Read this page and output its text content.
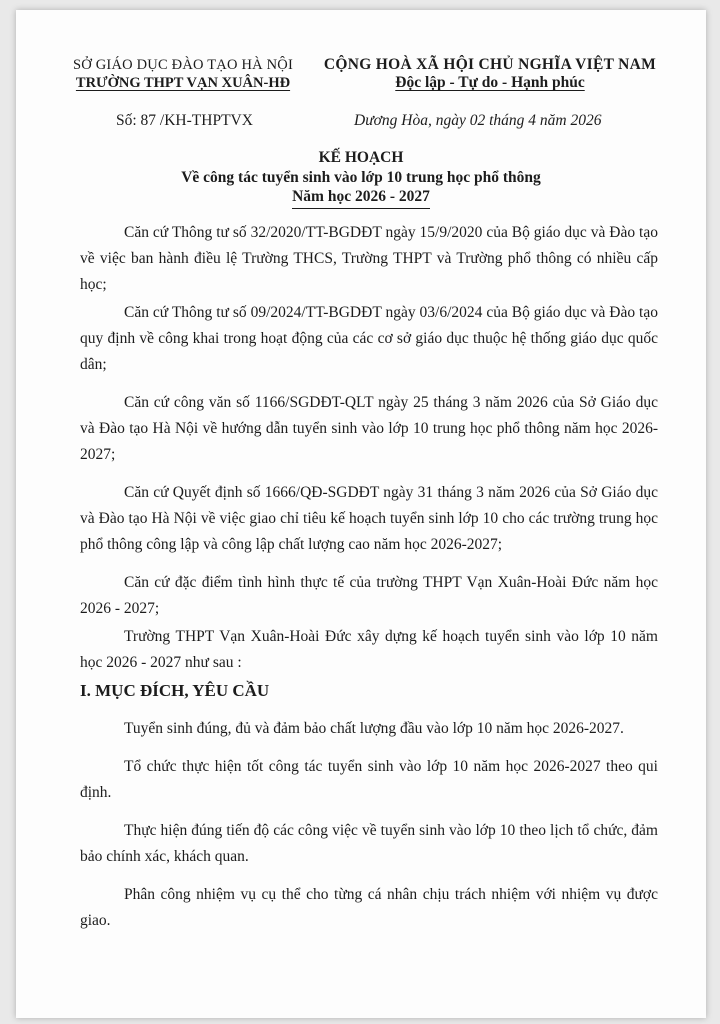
SỞ GIÁO DỤC ĐÀO TẠO HÀ NỘI
TRƯỜNG THPT VẠN XUÂN-HĐ
CỘNG HOÀ XÃ HỘI CHỦ NGHĨA VIỆT NAM
Độc lập - Tự do - Hạnh phúc
Số: 87 /KH-THPTVX	Dương Hòa, ngày 02 tháng 4 năm 2026
KẾ HOẠCH
Về công tác tuyển sinh vào lớp 10 trung học phổ thông
Năm học 2026 - 2027

Căn cứ Thông tư số 32/2020/TT-BGDĐT ngày 15/9/2020 của Bộ giáo dục và Đào tạo về việc ban hành điều lệ Trường THCS, Trường THPT và Trường phổ thông có nhiều cấp học;

Căn cứ Thông tư số 09/2024/TT-BGDĐT ngày 03/6/2024 của Bộ giáo dục và Đào tạo quy định về công khai trong hoạt động của các cơ sở giáo dục thuộc hệ thống giáo dục quốc dân;

Căn cứ công văn số 1166/SGDĐT-QLT ngày 25 tháng 3 năm 2026 của Sở Giáo dục và Đào tạo Hà Nội về hướng dẫn tuyển sinh vào lớp 10 trung học phổ thông năm học 2026-2027;

Căn cứ Quyết định số 1666/QĐ-SGDĐT ngày 31 tháng 3 năm 2026 của Sở Giáo dục và Đào tạo Hà Nội về việc giao chỉ tiêu kế hoạch tuyển sinh lớp 10 cho các trường trung học phổ thông công lập và công lập chất lượng cao năm học 2026-2027;

Căn cứ đặc điểm tình hình thực tế của trường THPT Vạn Xuân-Hoài Đức năm học 2026 - 2027;

Trường THPT Vạn Xuân-Hoài Đức xây dựng kế hoạch tuyển sinh vào lớp 10 năm học 2026 - 2027 như sau :

I. MỤC ĐÍCH, YÊU CẦU

Tuyển sinh đúng, đủ và đảm bảo chất lượng đầu vào lớp 10 năm học 2026-2027.

Tổ chức thực hiện tốt công tác tuyển sinh vào lớp 10 năm học 2026-2027 theo qui định.

Thực hiện đúng tiến độ các công việc về tuyển sinh vào lớp 10 theo lịch tổ chức, đảm bảo chính xác, khách quan.

Phân công nhiệm vụ cụ thể cho từng cá nhân chịu trách nhiệm với nhiệm vụ được giao.
